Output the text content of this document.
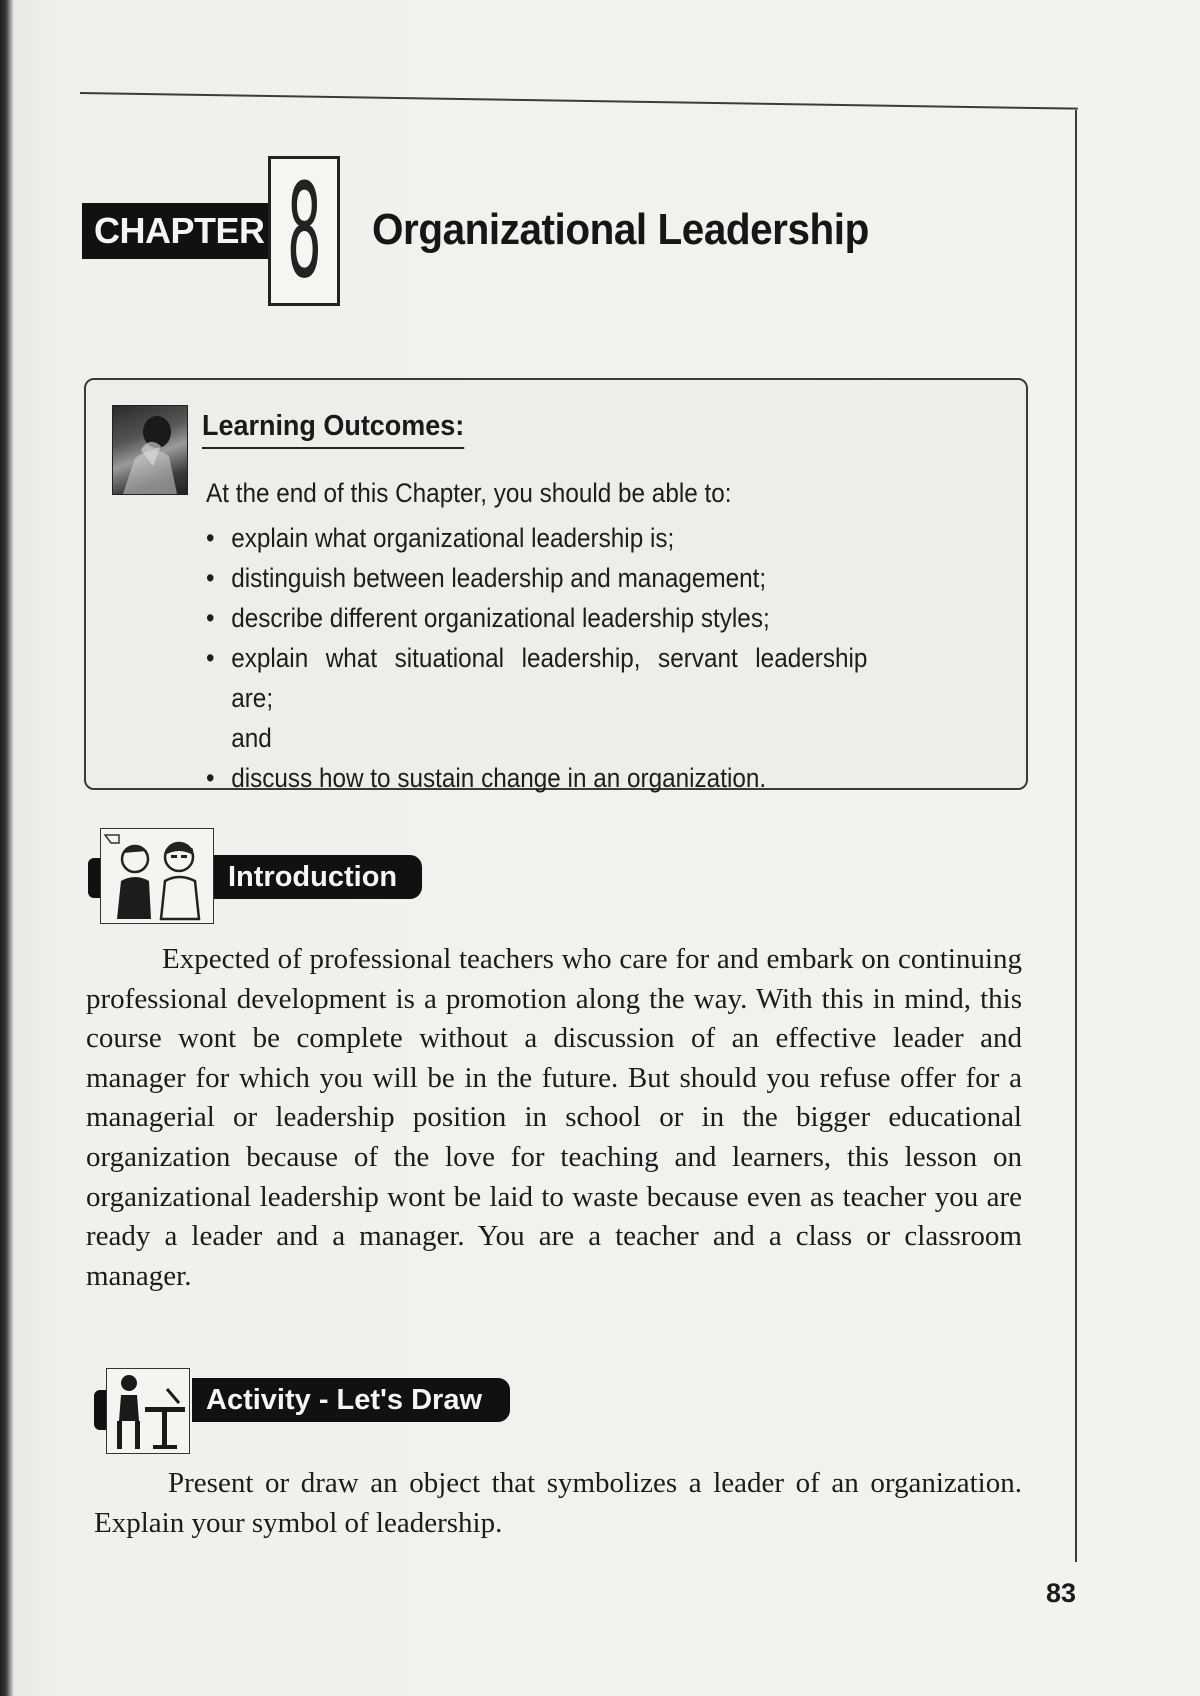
CHAPTER 8 Organizational Leadership
Learning Outcomes:
At the end of this Chapter, you should be able to:
• explain what organizational leadership is;
• distinguish between leadership and management;
• describe different organizational leadership styles;
• explain what situational leadership, servant leadership are;
and
• discuss how to sustain change in an organization.
Introduction
Expected of professional teachers who care for and embark on continuing professional development is a promotion along the way. With this in mind, this course wont be complete without a discussion of an effective leader and manager for which you will be in the future. But should you refuse offer for a managerial or leadership position in school or in the bigger educational organization because of the love for teaching and learners, this lesson on organizational leadership wont be laid to waste because even as teacher you are ready a leader and a manager. You are a teacher and a class or classroom manager.
Activity - Let's Draw
Present or draw an object that symbolizes a leader of an organization. Explain your symbol of leadership.
83
